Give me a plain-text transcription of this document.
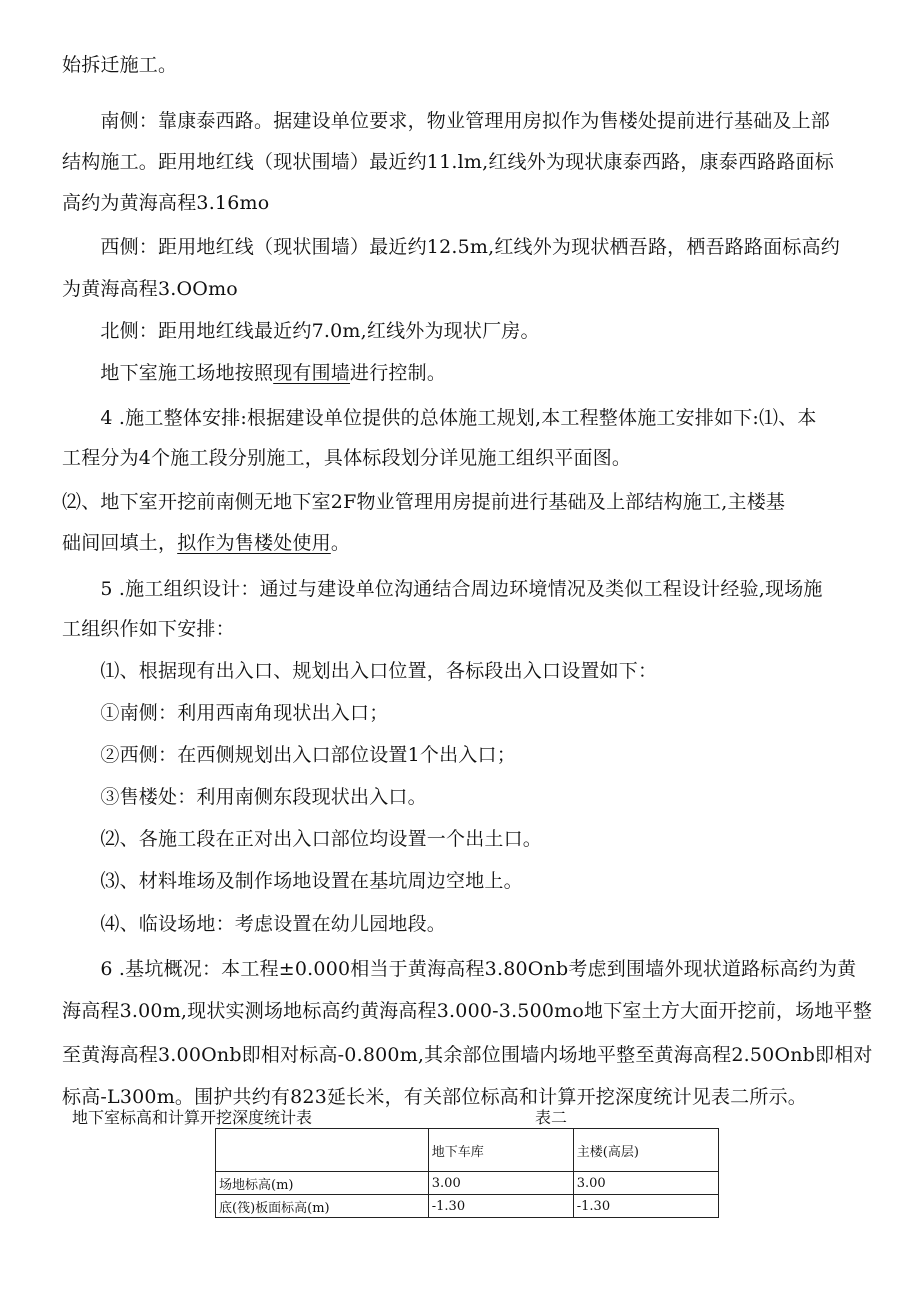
始拆迁施工。
　　南侧：靠康泰西路。据建设单位要求，物业管理用房拟作为售楼处提前进行基础及上部
结构施工。距用地红线（现状围墙）最近约11.lm,红线外为现状康泰西路，康泰西路路面标
高约为黄海高程3.16mo
　　西侧：距用地红线（现状围墙）最近约12.5m,红线外为现状栖吾路，栖吾路路面标高约
为黄海高程3.OOmo
　　北侧：距用地红线最近约7.0m,红线外为现状厂房。
　　地下室施工场地按照现有围墙进行控制。
　　4 .施工整体安排:根据建设单位提供的总体施工规划,本工程整体施工安排如下:⑴、本
工程分为4个施工段分别施工，具体标段划分详见施工组织平面图。
⑵、地下室开挖前南侧无地下室2F物业管理用房提前进行基础及上部结构施工,主楼基
础间回填土，拟作为售楼处使用。
　　5 .施工组织设计：通过与建设单位沟通结合周边环境情况及类似工程设计经验,现场施
工组织作如下安排：
　　⑴、根据现有出入口、规划出入口位置，各标段出入口设置如下：
　　①南侧：利用西南角现状出入口；
　　②西侧：在西侧规划出入口部位设置1个出入口；
　　③售楼处：利用南侧东段现状出入口。
　　⑵、各施工段在正对出入口部位均设置一个出土口。
　　⑶、材料堆场及制作场地设置在基坑周边空地上。
　　⑷、临设场地：考虑设置在幼儿园地段。
　　6 .基坑概况：本工程±0.000相当于黄海高程3.80Onb考虑到围墙外现状道路标高约为黄
海高程3.00m,现状实测场地标高约黄海高程3.000-3.500mo地下室土方大面开挖前，场地平整
至黄海高程3.00Onb即相对标高-0.800m,其余部位围墙内场地平整至黄海高程2.50Onb即相对
标高-L300m。围护共约有823延长米，有关部位标高和计算开挖深度统计见表二所示。
地下室标高和计算开挖深度统计表	表二
	地下车库	主楼(高层)
场地标高(m)	3.00	3.00
底(筏)板面标高(m)	-1.30	-1.30
